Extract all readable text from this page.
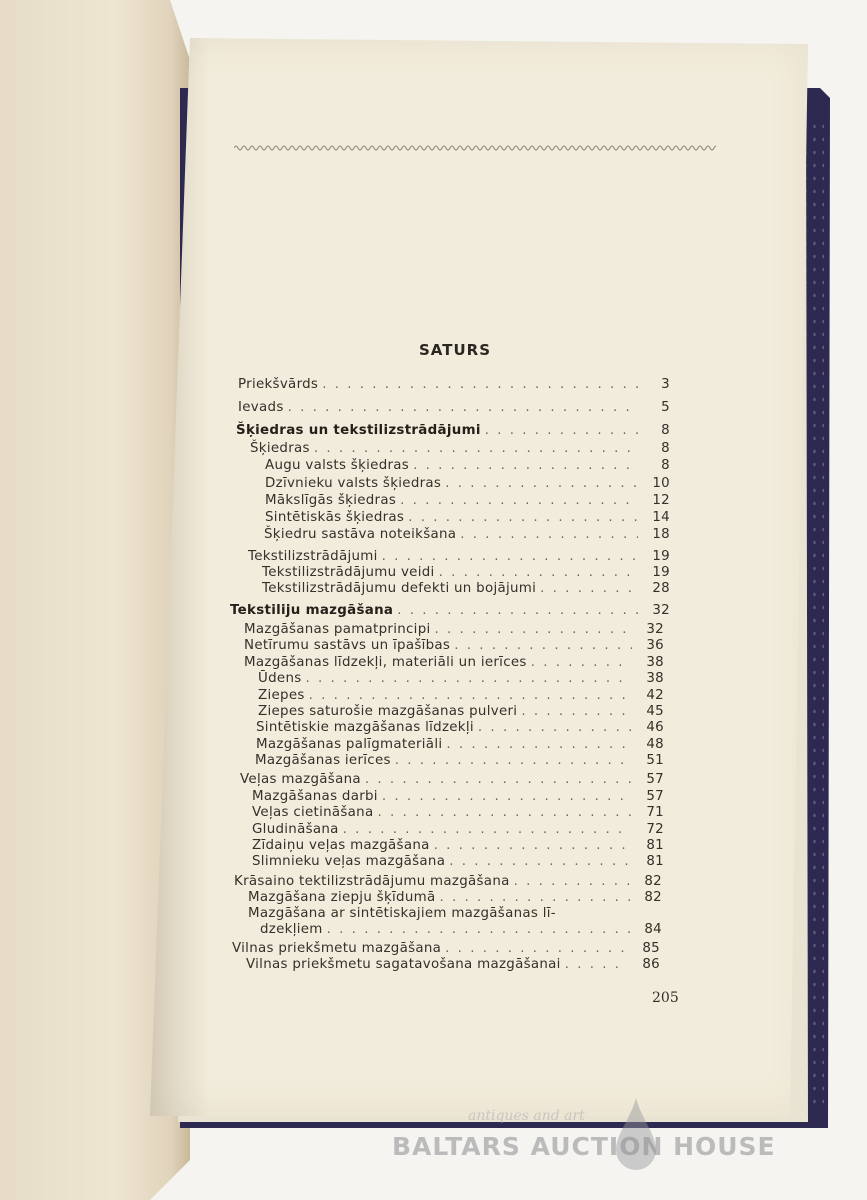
SATURS
Priekšvārds . . .	3
Ievads . . .	5
Šķiedras un tekstilizstrādājumi . . .	8
Šķiedras . . .	8
Augu valsts šķiedras . . .	8
Dzīvnieku valsts šķiedras . . .	10
Mākslīgās šķiedras . . .	12
Sintētiskās šķiedras . . .	14
Šķiedru sastāva noteikšana . . .	18
Tekstilizstrādājumi . . .	19
Tekstilizstrādājumu veidi . . .	19
Tekstilizstrādājumu defekti un bojājumi . . .	28
Tekstiliju mazgāšana . . .	32
Mazgāšanas pamatprincipi . . .	32
Netīrumu sastāvs un īpašības . . .	36
Mazgāšanas līdzekļi, materiāli un ierīces . . .	38
Ūdens . . .	38
Ziepes . . .	42
Ziepes saturošie mazgāšanas pulveri . . .	45
Sintētiskie mazgāšanas līdzekļi . . .	46
Mazgāšanas palīgmateriāli . . .	48
Mazgāšanas ierīces . . .	51
Veļas mazgāšana . . .	57
Mazgāšanas darbi . . .	57
Veļas cietināšana . . .	71
Gludināšana . . .	72
Zīdaiņu veļas mazgāšana . . .	81
Slimnieku veļas mazgāšana . . .	81
Krāsaino tektilizstrādājumu mazgāšana . . .	82
Mazgāšana ziepju šķīdumā . . .	82
Mazgāšana ar sintētiskajiem mazgāšanas lī-
dzekļiem . . .	84
Vilnas priekšmetu mazgāšana . . .	85
Vilnas priekšmetu sagatavošana mazgāšanai . . .	86
205
antiques and art
BALTARS AUCTION HOUSE
